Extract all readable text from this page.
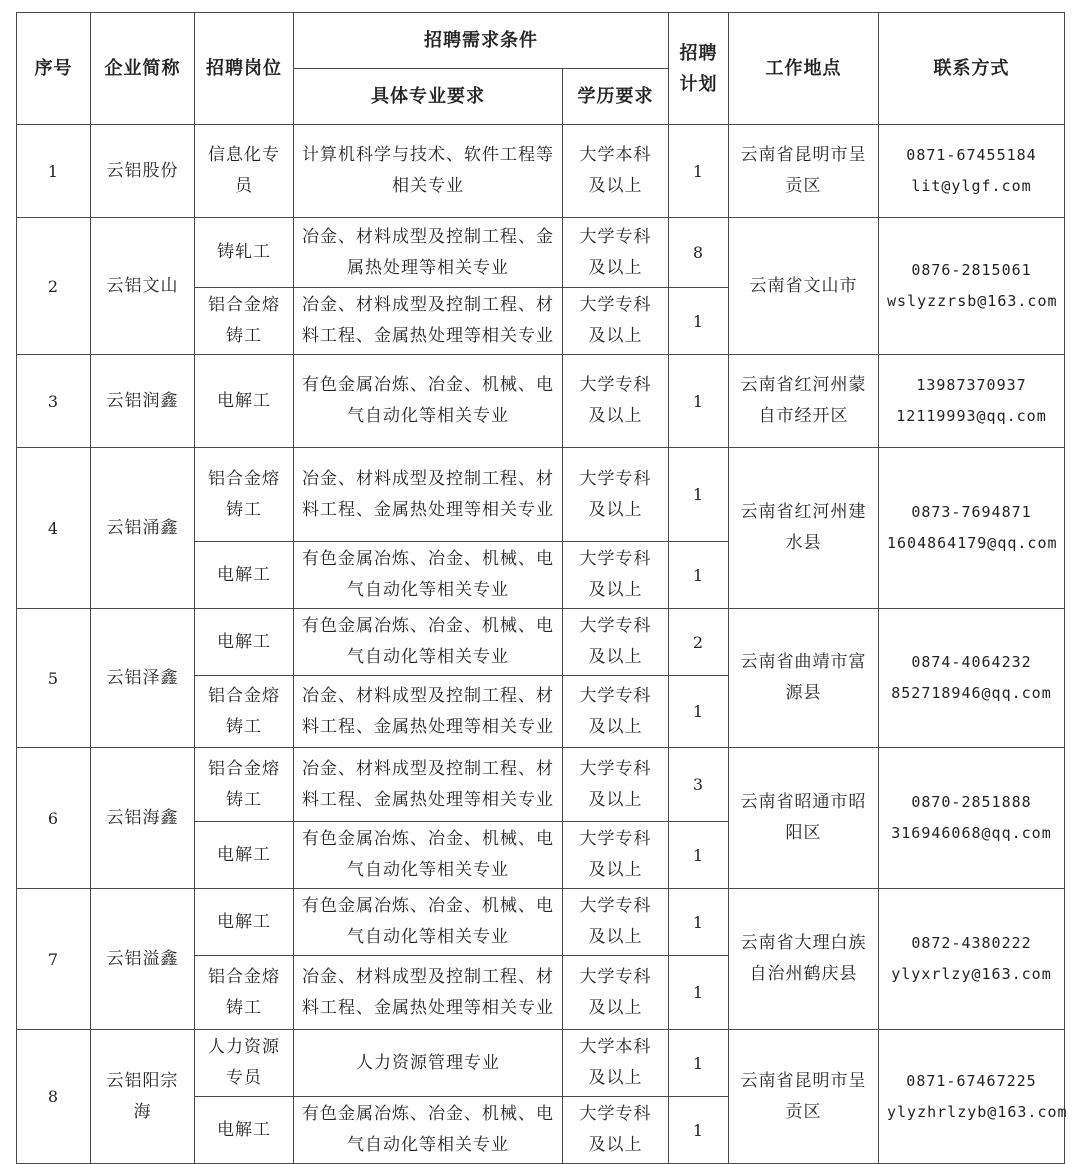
序号	企业简称	招聘岗位	招聘需求条件		招聘计划	工作地点	联系方式
			具体专业要求	学历要求			
1	云铝股份	信息化专员	计算机科学与技术、软件工程等相关专业	大学本科及以上	1	云南省昆明市呈贡区	0871-67455184
lit@ylgf.com

2	云铝文山	铸轧工	冶金、材料成型及控制工程、金属热处理等相关专业	大学专科及以上	8	云南省文山市	0876-2815061
wslyzzrsb@163.com

		铝合金熔铸工	冶金、材料成型及控制工程、材料工程、金属热处理等相关专业	大学专科及以上	1		
3	云铝润鑫	电解工	有色金属冶炼、冶金、机械、电气自动化等相关专业	大学专科及以上	1	云南省红河州蒙自市经开区	13987370937
12119993@qq.com

4	云铝涌鑫	铝合金熔铸工	冶金、材料成型及控制工程、材料工程、金属热处理等相关专业	大学专科及以上	1	云南省红河州建水县	0873-7694871
1604864179@qq.com

		电解工	有色金属冶炼、冶金、机械、电气自动化等相关专业	大学专科及以上	1		
5	云铝泽鑫	电解工	有色金属冶炼、冶金、机械、电气自动化等相关专业	大学专科及以上	2	云南省曲靖市富源县	0874-4064232
852718946@qq.com

		铝合金熔铸工	冶金、材料成型及控制工程、材料工程、金属热处理等相关专业	大学专科及以上	1		
6	云铝海鑫	铝合金熔铸工	冶金、材料成型及控制工程、材料工程、金属热处理等相关专业	大学专科及以上	3	云南省昭通市昭阳区	0870-2851888
316946068@qq.com

		电解工	有色金属冶炼、冶金、机械、电气自动化等相关专业	大学专科及以上	1		
7	云铝溢鑫	电解工	有色金属冶炼、冶金、机械、电气自动化等相关专业	大学专科及以上	1	云南省大理白族自治州鹤庆县	0872-4380222
ylyxrlzy@163.com

		铝合金熔铸工	冶金、材料成型及控制工程、材料工程、金属热处理等相关专业	大学专科及以上	1		
8	云铝阳宗海	人力资源专员	人力资源管理专业	大学本科及以上	1	云南省昆明市呈贡区	0871-67467225
ylyzhrlzyb@163.com

		电解工	有色金属冶炼、冶金、机械、电气自动化等相关专业	大学专科及以上	1		
